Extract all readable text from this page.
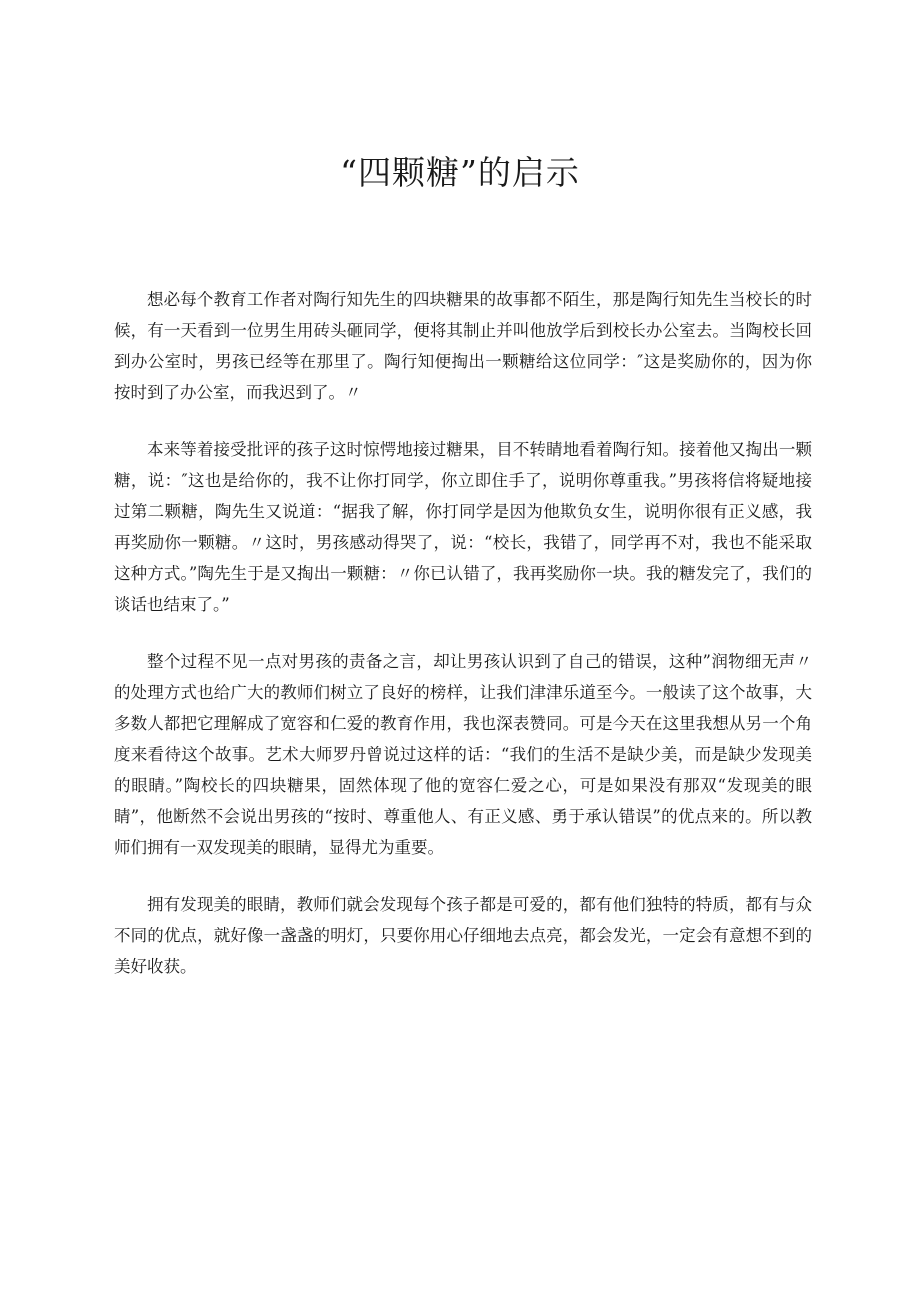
“四颗糖”的启示

想必每个教育工作者对陶行知先生的四块糖果的故事都不陌生，那是陶行知先生当校长的时候，有一天看到一位男生用砖头砸同学，便将其制止并叫他放学后到校长办公室去。当陶校长回到办公室时，男孩已经等在那里了。陶行知便掏出一颗糖给这位同学：″这是奖励你的，因为你按时到了办公室，而我迟到了。〃

本来等着接受批评的孩子这时惊愕地接过糖果，目不转睛地看着陶行知。接着他又掏出一颗糖，说：″这也是给你的，我不让你打同学，你立即住手了，说明你尊重我。”男孩将信将疑地接过第二颗糖，陶先生又说道：“据我了解，你打同学是因为他欺负女生，说明你很有正义感，我再奖励你一颗糖。〃这时，男孩感动得哭了，说：“校长，我错了，同学再不对，我也不能采取这种方式。”陶先生于是又掏出一颗糖：〃你已认错了，我再奖励你一块。我的糖发完了，我们的谈话也结束了。”

整个过程不见一点对男孩的责备之言，却让男孩认识到了自己的错误，这种”润物细无声〃的处理方式也给广大的教师们树立了良好的榜样，让我们津津乐道至今。一般读了这个故事，大多数人都把它理解成了宽容和仁爱的教育作用，我也深表赞同。可是今天在这里我想从另一个角度来看待这个故事。艺术大师罗丹曾说过这样的话：“我们的生活不是缺少美，而是缺少发现美的眼睛。”陶校长的四块糖果，固然体现了他的宽容仁爱之心，可是如果没有那双“发现美的眼睛”，他断然不会说出男孩的“按时、尊重他人、有正义感、勇于承认错误”的优点来的。所以教师们拥有一双发现美的眼睛，显得尤为重要。

拥有发现美的眼睛，教师们就会发现每个孩子都是可爱的，都有他们独特的特质，都有与众不同的优点，就好像一盏盏的明灯，只要你用心仔细地去点亮，都会发光，一定会有意想不到的美好收获。
